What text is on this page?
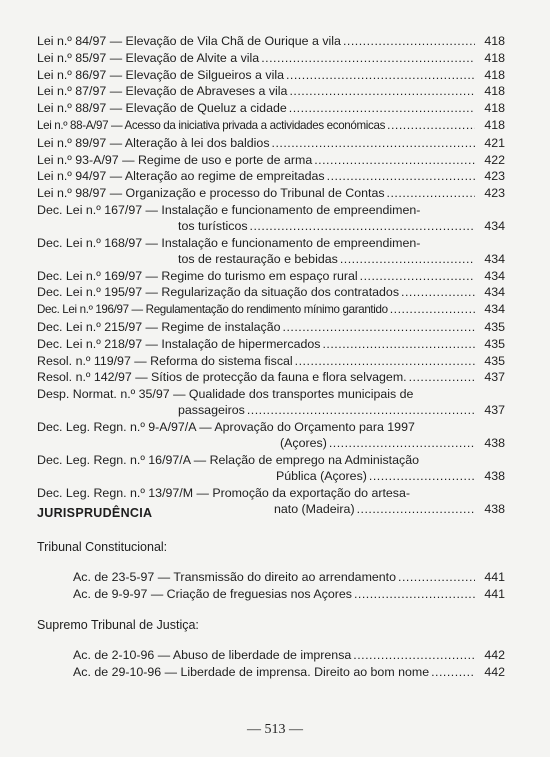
Lei n.º 84/97 — Elevação de Vila Chã de Ourique a vila .....	418
Lei n.º 85/97 — Elevação de Alvite a vila .....	418
Lei n.º 86/97 — Elevação de Silgueiros a vila .....	418
Lei n.º 87/97 — Elevação de Abraveses a vila .....	418
Lei n.º 88/97 — Elevação de Queluz a cidade .....	418
Lei n.º 88-A/97 — Acesso da iniciativa privada a actividades económicas .....	418
Lei n.º 89/97 — Alteração à lei dos baldios .....	421
Lei n.º 93-A/97 — Regime de uso e porte de arma .....	422
Lei n.º 94/97 — Alteração ao regime de empreitadas .....	423
Lei n.º 98/97 — Organização e processo do Tribunal de Contas .....	423
Dec. Lei n.º 167/97 — Instalação e funcionamento de empreendimen-
tos turísticos .....	434
Dec. Lei n.º 168/97 — Instalação e funcionamento de empreendimen-
tos de restauração e bebidas .....	434
Dec. Lei n.º 169/97 — Regime do turismo em espaço rural .....	434
Dec. Lei n.º 195/97 — Regularização da situação dos contratados .....	434
Dec. Lei n.º 196/97 — Regulamentação do rendimento mínimo garantido .....	434
Dec. Lei n.º 215/97 — Regime de instalação .....	435
Dec. Lei n.º 218/97 — Instalação de hipermercados .....	435
Resol. n.º 119/97 — Reforma do sistema fiscal .....	435
Resol. n.º 142/97 — Sítios de protecção da fauna e flora selvagem. .....	437
Desp. Normat. n.º 35/97 — Qualidade dos transportes municipais de
passageiros .....	437
Dec. Leg. Regn. n.º 9-A/97/A — Aprovação do Orçamento para 1997
(Açores) .....	438
Dec. Leg. Regn. n.º 16/97/A — Relação de emprego na Administação
Pública (Açores) .....	438
Dec. Leg. Regn. n.º 13/97/M — Promoção da exportação do artesa-
nato (Madeira) .....	438
JURISPRUDÊNCIA
Tribunal Constitucional:
Ac. de 23-5-97 — Transmissão do direito ao arrendamento .....	441
Ac. de 9-9-97 — Criação de freguesias nos Açores .....	441
Supremo Tribunal de Justiça:
Ac. de 2-10-96 — Abuso de liberdade de imprensa .....	442
Ac. de 29-10-96 — Liberdade de imprensa. Direito ao bom nome .....	442
— 513 —
